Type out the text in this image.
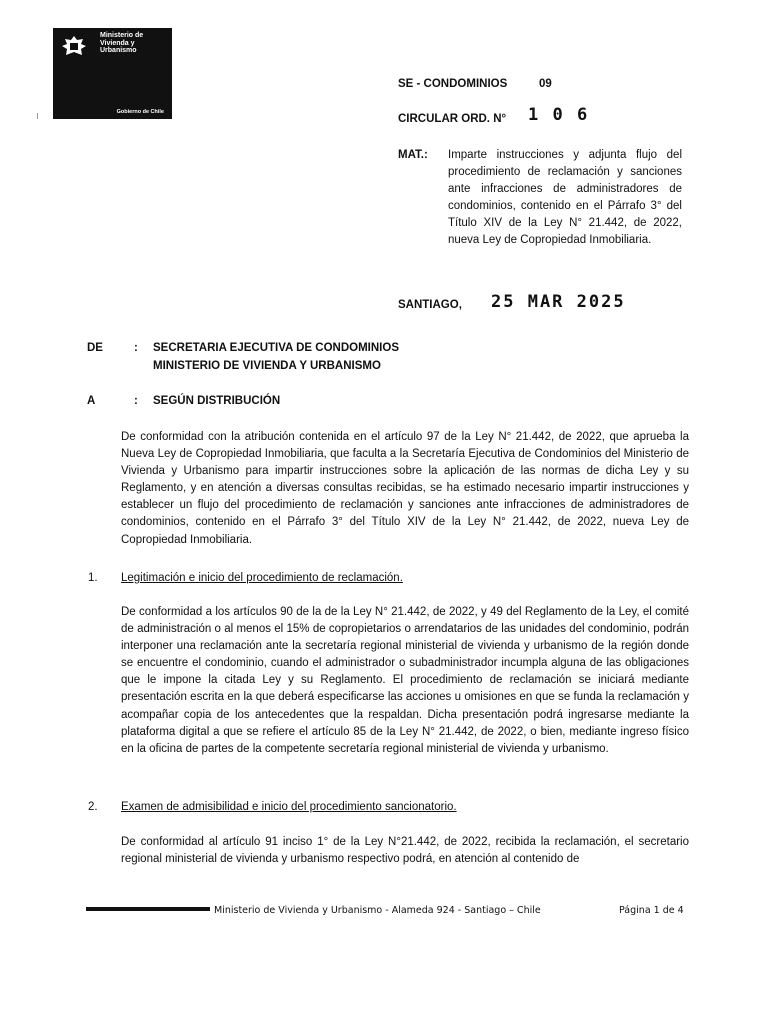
Ministerio de
Vivienda y
Urbanismo
Gobierno de Chile
SE - CONDOMINIOS	09
CIRCULAR ORD. N° 1 0 6
MAT.: Imparte instrucciones y adjunta flujo del procedimiento de reclamación y sanciones ante infracciones de administradores de condominios, contenido en el Párrafo 3° del Título XIV de la Ley N° 21.442, de 2022, nueva Ley de Copropiedad Inmobiliaria.
SANTIAGO, 25 MAR 2025
DE	: SECRETARIA EJECUTIVA DE CONDOMINIOS
MINISTERIO DE VIVIENDA Y URBANISMO
A	: SEGÚN DISTRIBUCIÓN
De conformidad con la atribución contenida en el artículo 97 de la Ley N° 21.442, de 2022, que aprueba la Nueva Ley de Copropiedad Inmobiliaria, que faculta a la Secretaría Ejecutiva de Condominios del Ministerio de Vivienda y Urbanismo para impartir instrucciones sobre la aplicación de las normas de dicha Ley y su Reglamento, y en atención a diversas consultas recibidas, se ha estimado necesario impartir instrucciones y establecer un flujo del procedimiento de reclamación y sanciones ante infracciones de administradores de condominios, contenido en el Párrafo 3° del Título XIV de la Ley N° 21.442, de 2022, nueva Ley de Copropiedad Inmobiliaria.
1. Legitimación e inicio del procedimiento de reclamación.
De conformidad a los artículos 90 de la de la Ley N° 21.442, de 2022, y 49 del Reglamento de la Ley, el comité de administración o al menos el 15% de copropietarios o arrendatarios de las unidades del condominio, podrán interponer una reclamación ante la secretaría regional ministerial de vivienda y urbanismo de la región donde se encuentre el condominio, cuando el administrador o subadministrador incumpla alguna de las obligaciones que le impone la citada Ley y su Reglamento. El procedimiento de reclamación se iniciará mediante presentación escrita en la que deberá especificarse las acciones u omisiones en que se funda la reclamación y acompañar copia de los antecedentes que la respaldan. Dicha presentación podrá ingresarse mediante la plataforma digital a que se refiere el artículo 85 de la Ley N° 21.442, de 2022, o bien, mediante ingreso físico en la oficina de partes de la competente secretaría regional ministerial de vivienda y urbanismo.
2. Examen de admisibilidad e inicio del procedimiento sancionatorio.
De conformidad al artículo 91 inciso 1° de la Ley N°21.442, de 2022, recibida la reclamación, el secretario regional ministerial de vivienda y urbanismo respectivo podrá, en atención al contenido de
Ministerio de Vivienda y Urbanismo - Alameda 924 - Santiago – Chile	Página 1 de 4
